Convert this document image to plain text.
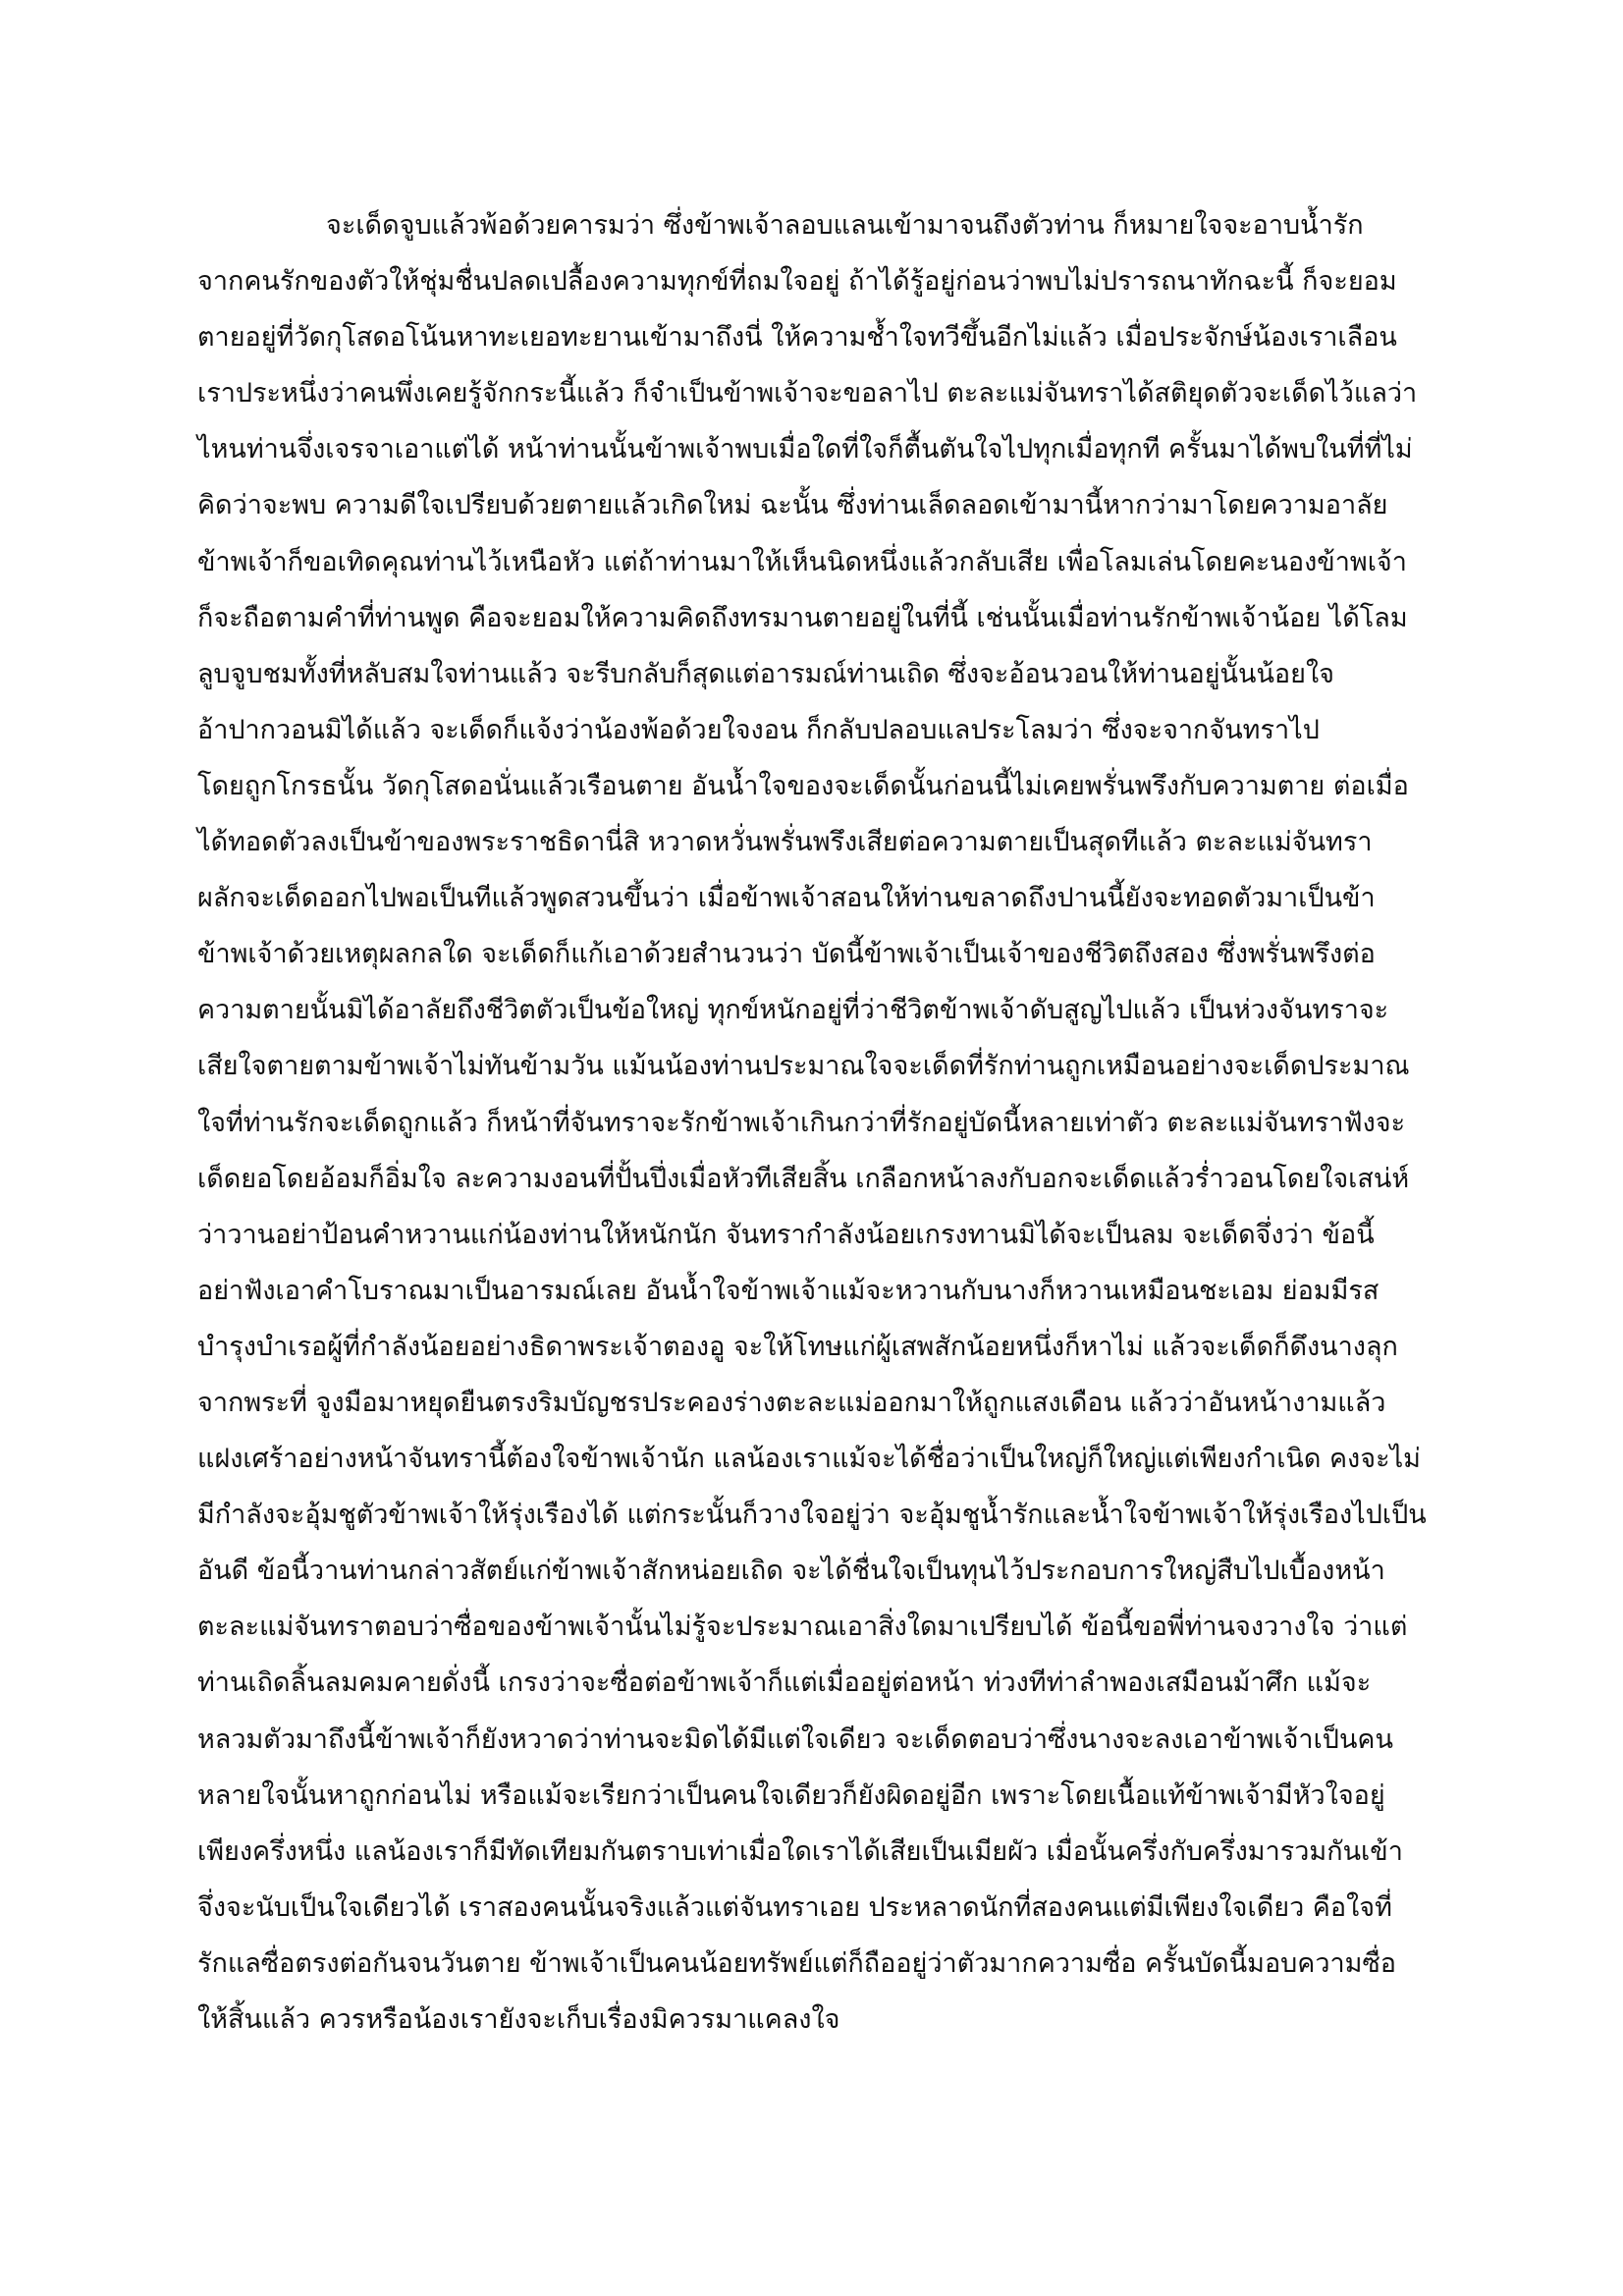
จะเด็ดจูบแล้วพ้อด้วยคารมว่า ซึ่งข้าพเจ้าลอบแลนเข้ามาจนถึงตัวท่าน ก็หมายใจจะอาบน้ำรัก
จากคนรักของตัวให้ชุ่มชื่นปลดเปลื้องความทุกข์ที่ถมใจอยู่ ถ้าได้รู้อยู่ก่อนว่าพบไม่ปรารถนาทักฉะนี้ ก็จะยอม
ตายอยู่ที่วัดกุโสดอโน้นหาทะเยอทะยานเข้ามาถึงนี่ ให้ความช้ำใจทวีขึ้นอีกไม่แล้ว เมื่อประจักษ์น้องเราเลือน
เราประหนึ่งว่าคนพึ่งเคยรู้จักกระนี้แล้ว ก็จำเป็นข้าพเจ้าจะขอลาไป ตะละแม่จันทราได้สติยุดตัวจะเด็ดไว้แลว่า
ไหนท่านจึ่งเจรจาเอาแต่ได้ หน้าท่านนั้นข้าพเจ้าพบเมื่อใดที่ใจก็ตื้นตันใจไปทุกเมื่อทุกที ครั้นมาได้พบในที่ที่ไม่
คิดว่าจะพบ ความดีใจเปรียบด้วยตายแล้วเกิดใหม่ ฉะนั้น ซึ่งท่านเล็ดลอดเข้ามานี้หากว่ามาโดยความอาลัย
ข้าพเจ้าก็ขอเทิดคุณท่านไว้เหนือหัว แต่ถ้าท่านมาให้เห็นนิดหนึ่งแล้วกลับเสีย เพื่อโลมเล่นโดยคะนองข้าพเจ้า
ก็จะถือตามคำที่ท่านพูด คือจะยอมให้ความคิดถึงทรมานตายอยู่ในที่นี้ เช่นนั้นเมื่อท่านรักข้าพเจ้าน้อย ได้โลม
ลูบจูบชมทั้งที่หลับสมใจท่านแล้ว จะรีบกลับก็สุดแต่อารมณ์ท่านเถิด ซึ่งจะอ้อนวอนให้ท่านอยู่นั้นน้อยใจ
อ้าปากวอนมิได้แล้ว จะเด็ดก็แจ้งว่าน้องพ้อด้วยใจงอน ก็กลับปลอบแลประโลมว่า ซึ่งจะจากจันทราไป
โดยถูกโกรธนั้น วัดกุโสดอนั่นแล้วเรือนตาย อันน้ำใจของจะเด็ดนั้นก่อนนี้ไม่เคยพรั่นพรึงกับความตาย ต่อเมื่อ
ได้ทอดตัวลงเป็นข้าของพระราชธิดานี่สิ หวาดหวั่นพรั่นพรึงเสียต่อความตายเป็นสุดทีแล้ว ตะละแม่จันทรา
ผลักจะเด็ดออกไปพอเป็นทีแล้วพูดสวนขึ้นว่า เมื่อข้าพเจ้าสอนให้ท่านขลาดถึงปานนี้ยังจะทอดตัวมาเป็นข้า
ข้าพเจ้าด้วยเหตุผลกลใด จะเด็ดก็แก้เอาด้วยสำนวนว่า บัดนี้ข้าพเจ้าเป็นเจ้าของชีวิตถึงสอง ซึ่งพรั่นพรึงต่อ
ความตายนั้นมิได้อาลัยถึงชีวิตตัวเป็นข้อใหญ่ ทุกข์หนักอยู่ที่ว่าชีวิตข้าพเจ้าดับสูญไปแล้ว เป็นห่วงจันทราจะ
เสียใจตายตามข้าพเจ้าไม่ทันข้ามวัน แม้นน้องท่านประมาณใจจะเด็ดที่รักท่านถูกเหมือนอย่างจะเด็ดประมาณ
ใจที่ท่านรักจะเด็ดถูกแล้ว ก็หน้าที่จันทราจะรักข้าพเจ้าเกินกว่าที่รักอยู่บัดนี้หลายเท่าตัว ตะละแม่จันทราฟังจะ
เด็ดยอโดยอ้อมก็อิ่มใจ ละความงอนที่ปั้นปึ่งเมื่อหัวทีเสียสิ้น เกลือกหน้าลงกับอกจะเด็ดแล้วร่ำวอนโดยใจเสน่ห์
ว่าวานอย่าป้อนคำหวานแก่น้องท่านให้หนักนัก จันทรากำลังน้อยเกรงทานมิได้จะเป็นลม จะเด็ดจึ่งว่า ข้อนี้
อย่าฟังเอาคำโบราณมาเป็นอารมณ์เลย อันน้ำใจข้าพเจ้าแม้จะหวานกับนางก็หวานเหมือนชะเอม ย่อมมีรส
บำรุงบำเรอผู้ที่กำลังน้อยอย่างธิดาพระเจ้าตองอู จะให้โทษแก่ผู้เสพสักน้อยหนึ่งก็หาไม่ แล้วจะเด็ดก็ดึงนางลุก
จากพระที่ จูงมือมาหยุดยืนตรงริมบัญชรประคองร่างตะละแม่ออกมาให้ถูกแสงเดือน แล้วว่าอันหน้างามแล้ว
แฝงเศร้าอย่างหน้าจันทรานี้ต้องใจข้าพเจ้านัก แลน้องเราแม้จะได้ชื่อว่าเป็นใหญ่ก็ใหญ่แต่เพียงกำเนิด คงจะไม่
มีกำลังจะอุ้มชูตัวข้าพเจ้าให้รุ่งเรืองได้ แต่กระนั้นก็วางใจอยู่ว่า จะอุ้มชูน้ำรักและน้ำใจข้าพเจ้าให้รุ่งเรืองไปเป็น
อันดี ข้อนี้วานท่านกล่าวสัตย์แก่ข้าพเจ้าสักหน่อยเถิด จะได้ชื่นใจเป็นทุนไว้ประกอบการใหญ่สืบไปเบื้องหน้า
ตะละแม่จันทราตอบว่าซื่อของข้าพเจ้านั้นไม่รู้จะประมาณเอาสิ่งใดมาเปรียบได้ ข้อนี้ขอพี่ท่านจงวางใจ ว่าแต่
ท่านเถิดลิ้นลมคมคายดั่งนี้ เกรงว่าจะซื่อต่อข้าพเจ้าก็แต่เมื่ออยู่ต่อหน้า ท่วงทีท่าลำพองเสมือนม้าศึก แม้จะ
หลวมตัวมาถึงนี้ข้าพเจ้าก็ยังหวาดว่าท่านจะมิดได้มีแต่ใจเดียว จะเด็ดตอบว่าซึ่งนางจะลงเอาข้าพเจ้าเป็นคน
หลายใจนั้นหาถูกก่อนไม่ หรือแม้จะเรียกว่าเป็นคนใจเดียวก็ยังผิดอยู่อีก เพราะโดยเนื้อแท้ข้าพเจ้ามีหัวใจอยู่
เพียงครึ่งหนึ่ง แลน้องเราก็มีทัดเทียมกันตราบเท่าเมื่อใดเราได้เสียเป็นเมียผัว เมื่อนั้นครึ่งกับครึ่งมารวมกันเข้า
จึ่งจะนับเป็นใจเดียวได้ เราสองคนนั้นจริงแล้วแต่จันทราเอย ประหลาดนักที่สองคนแต่มีเพียงใจเดียว คือใจที่
รักแลซื่อตรงต่อกันจนวันตาย ข้าพเจ้าเป็นคนน้อยทรัพย์แต่ก็ถืออยู่ว่าตัวมากความซื่อ ครั้นบัดนี้มอบความซื่อ
ให้สิ้นแล้ว ควรหรือน้องเรายังจะเก็บเรื่องมิควรมาแคลงใจ
